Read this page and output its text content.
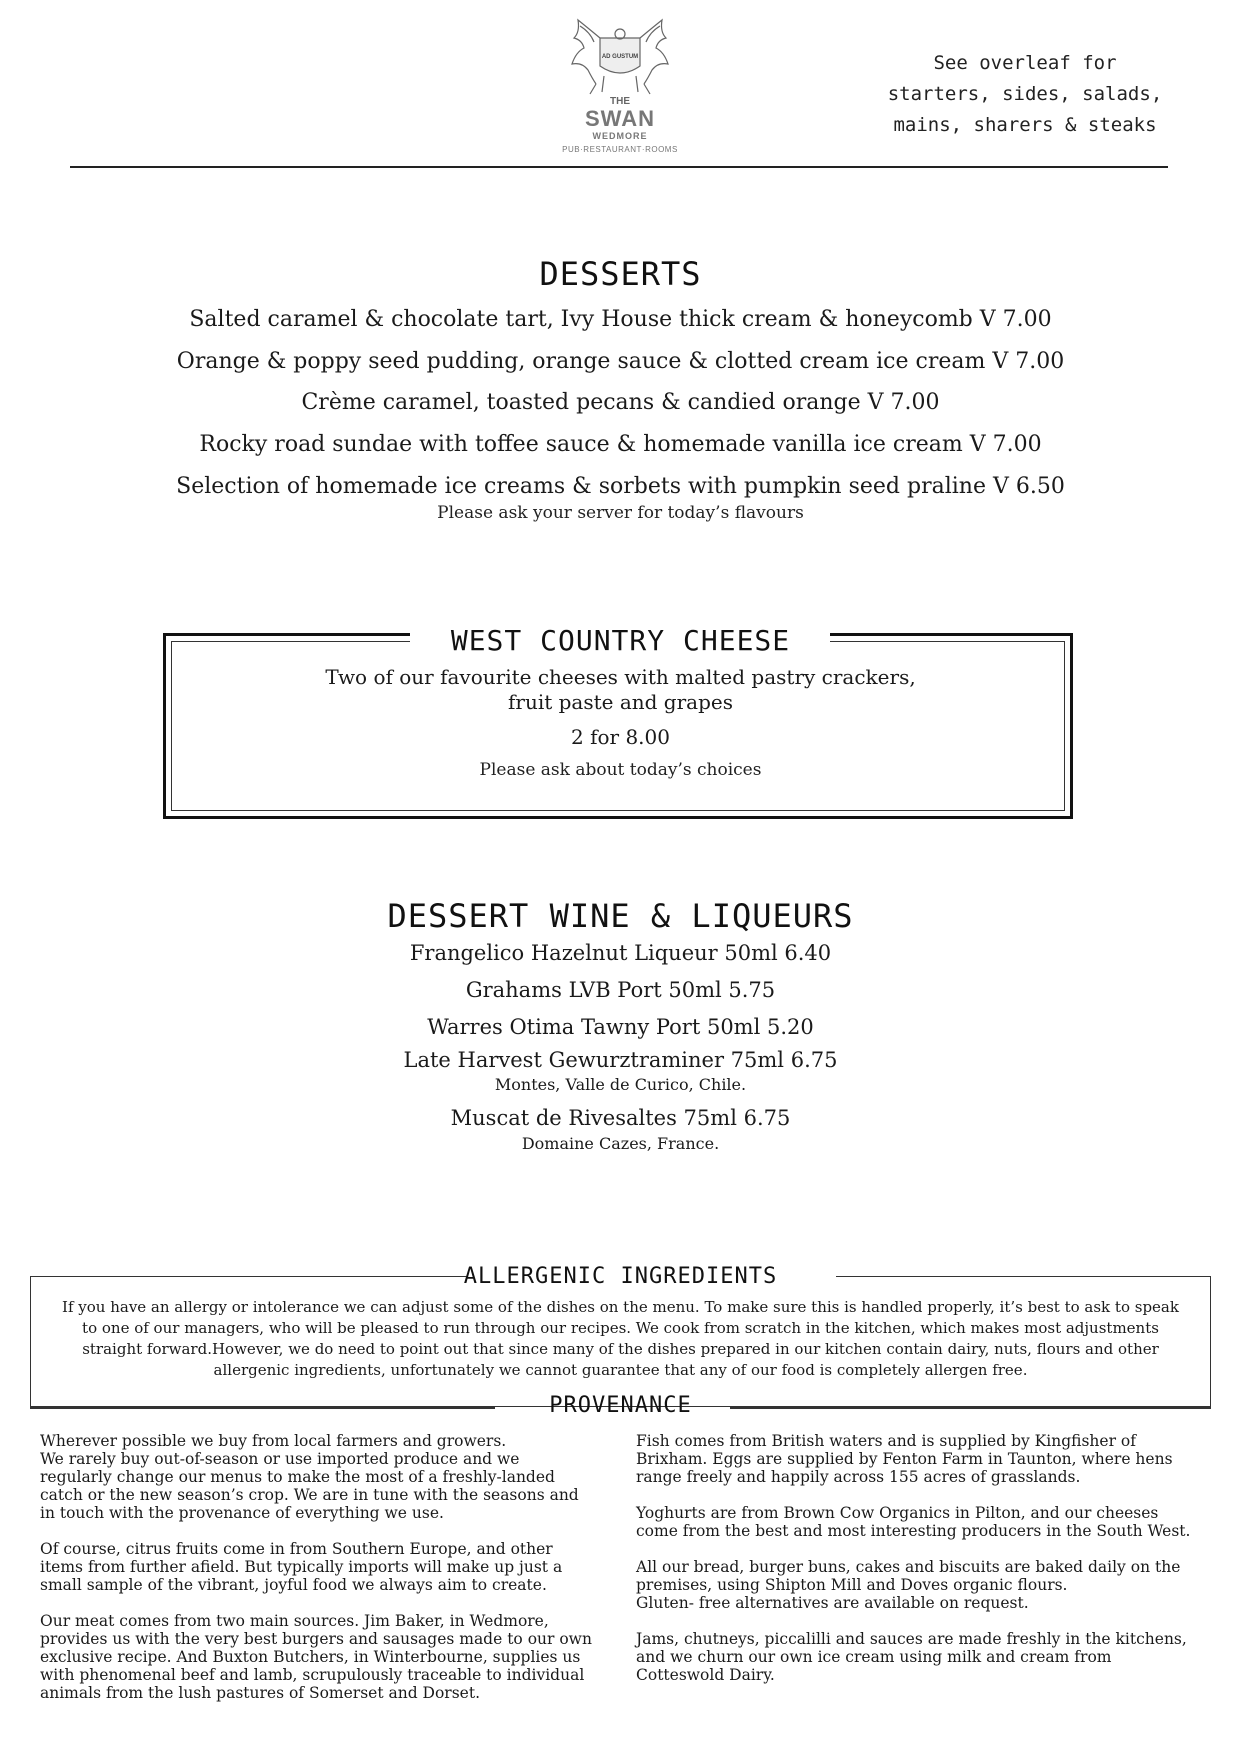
AD GUSTUM
THE
SWAN
WEDMORE
PUB·RESTAURANT·ROOMS
See overleaf for
starters, sides, salads,
mains, sharers & steaks
DESSERTS
Salted caramel & chocolate tart, Ivy House thick cream & honeycomb V 7.00
Orange & poppy seed pudding, orange sauce & clotted cream ice cream V 7.00
Crème caramel, toasted pecans & candied orange V 7.00
Rocky road sundae with toffee sauce & homemade vanilla ice cream V 7.00
Selection of homemade ice creams & sorbets with pumpkin seed praline V 6.50
Please ask your server for today’s flavours
WEST COUNTRY CHEESE
Two of our favourite cheeses with malted pastry crackers,
fruit paste and grapes
2 for 8.00
Please ask about today’s choices
DESSERT WINE & LIQUEURS
Frangelico Hazelnut Liqueur 50ml 6.40
Grahams LVB Port 50ml 5.75
Warres Otima Tawny Port 50ml 5.20
Late Harvest Gewurztraminer 75ml 6.75
Montes, Valle de Curico, Chile.
Muscat de Rivesaltes 75ml 6.75
Domaine Cazes, France.
ALLERGENIC INGREDIENTS
If you have an allergy or intolerance we can adjust some of the dishes on the menu. To make sure this is handled properly, it’s best to ask to speak to one of our managers, who will be pleased to run through our recipes. We cook from scratch in the kitchen, which makes most adjustments straight forward.However, we do need to point out that since many of the dishes prepared in our kitchen contain dairy, nuts, flours and other allergenic ingredients, unfortunately we cannot guarantee that any of our food is completely allergen free.
PROVENANCE

Wherever possible we buy from local farmers and growers.
We rarely buy out-of-season or use imported produce and we regularly change our menus to make the most of a freshly-landed catch or the new season’s crop. We are in tune with the seasons and in touch with the provenance of everything we use.

Of course, citrus fruits come in from Southern Europe, and other items from further afield. But typically imports will make up just a small sample of the vibrant, joyful food we always aim to create.

Our meat comes from two main sources. Jim Baker, in Wedmore, provides us with the very best burgers and sausages made to our own exclusive recipe. And Buxton Butchers, in Winterbourne, supplies us with phenomenal beef and lamb, scrupulously traceable to individual animals from the lush pastures of Somerset and Dorset.

Fish comes from British waters and is supplied by Kingfisher of Brixham. Eggs are supplied by Fenton Farm in Taunton, where hens range freely and happily across 155 acres of grasslands.

Yoghurts are from Brown Cow Organics in Pilton, and our cheeses come from the best and most interesting producers in the South West.

All our bread, burger buns, cakes and biscuits are baked daily on the premises, using Shipton Mill and Doves organic flours.
Gluten- free alternatives are available on request.

Jams, chutneys, piccalilli and sauces are made freshly in the kitchens, and we churn our own ice cream using milk and cream from Cotteswold Dairy.
